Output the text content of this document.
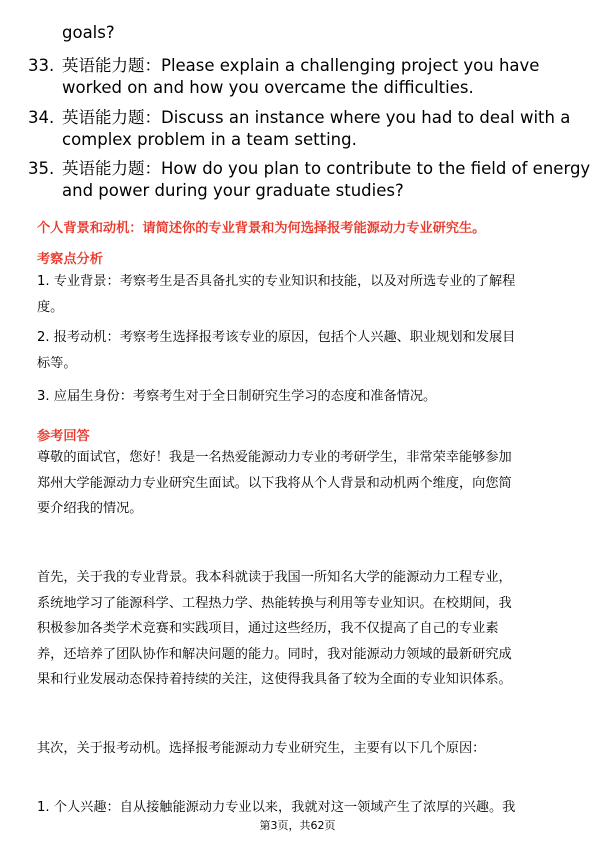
goals?
33. 英语能力题：Please explain a challenging project you have
worked on and how you overcame the difficulties.
34. 英语能力题：Discuss an instance where you had to deal with a
complex problem in a team setting.
35. 英语能力题：How do you plan to contribute to the field of energy
and power during your graduate studies?
个人背景和动机：请简述你的专业背景和为何选择报考能源动力专业研究生。
考察点分析
1. 专业背景：考察考生是否具备扎实的专业知识和技能，以及对所选专业的了解程
度。
2. 报考动机：考察考生选择报考该专业的原因，包括个人兴趣、职业规划和发展目
标等。
3. 应届生身份：考察考生对于全日制研究生学习的态度和准备情况。
参考回答
尊敬的面试官，您好！我是一名热爱能源动力专业的考研学生，非常荣幸能够参加
郑州大学能源动力专业研究生面试。以下我将从个人背景和动机两个维度，向您简
要介绍我的情况。
首先，关于我的专业背景。我本科就读于我国一所知名大学的能源动力工程专业，
系统地学习了能源科学、工程热力学、热能转换与利用等专业知识。在校期间，我
积极参加各类学术竞赛和实践项目，通过这些经历，我不仅提高了自己的专业素
养，还培养了团队协作和解决问题的能力。同时，我对能源动力领域的最新研究成
果和行业发展动态保持着持续的关注，这使得我具备了较为全面的专业知识体系。
其次，关于报考动机。选择报考能源动力专业研究生，主要有以下几个原因：
1. 个人兴趣：自从接触能源动力专业以来，我就对这一领域产生了浓厚的兴趣。我
第3页，共62页
